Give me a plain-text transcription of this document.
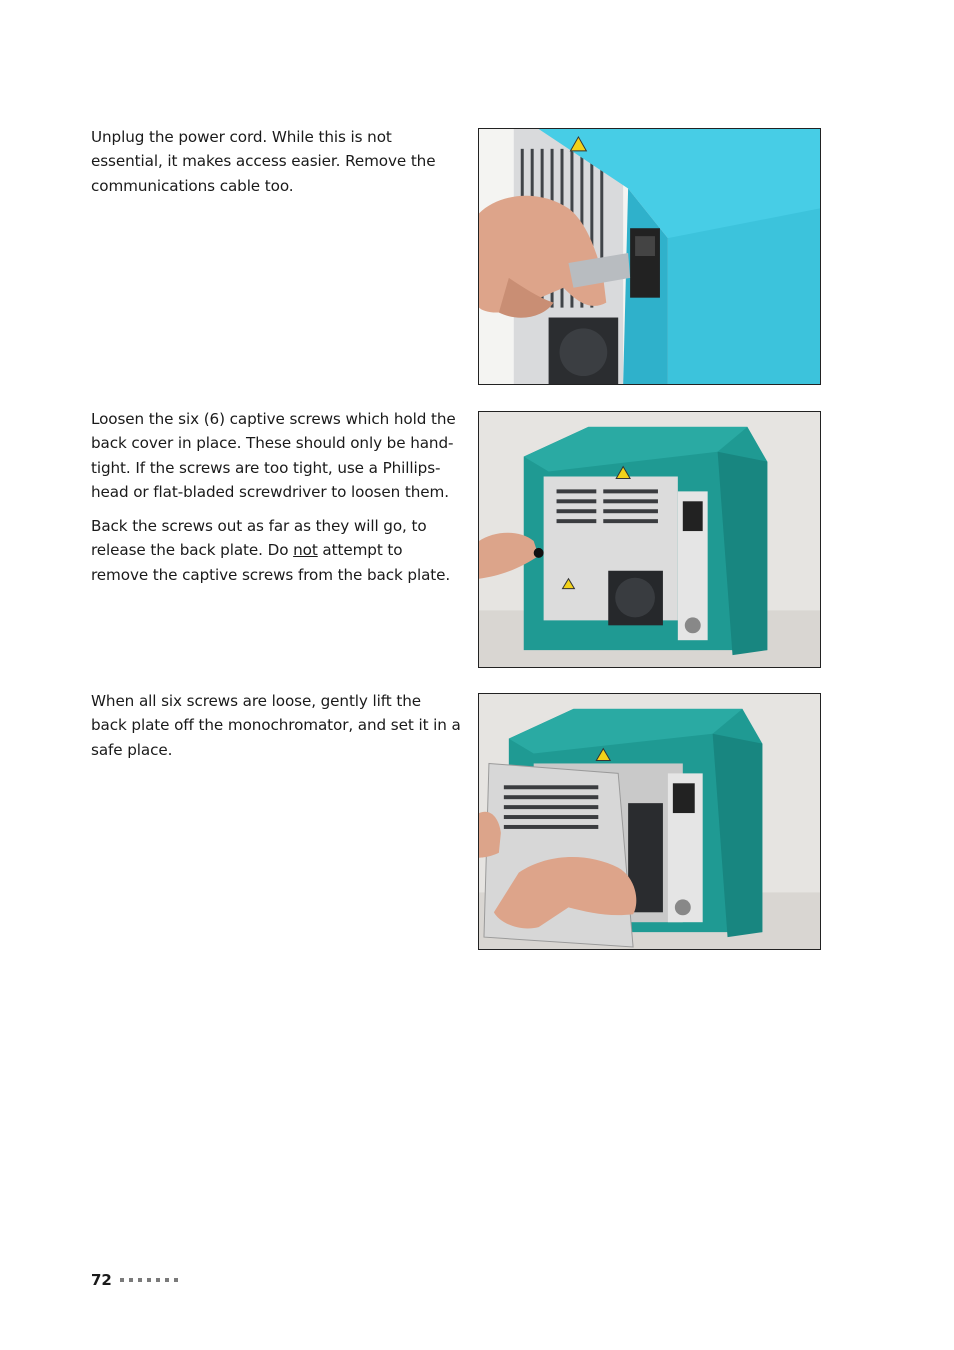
Unplug the power cord. While this is not essential, it makes access easier. Remove the communications cable too.

Loosen the six (6) captive screws which hold the back cover in place. These should only be hand-tight. If the screws are too tight, use a Phillips-head or flat-bladed screwdriver to loosen them.

Back the screws out as far as they will go, to release the back plate. Do not attempt to remove the captive screws from the back plate.

When all six screws are loose, gently lift the back plate off the monochromator, and set it in a safe place.

72
